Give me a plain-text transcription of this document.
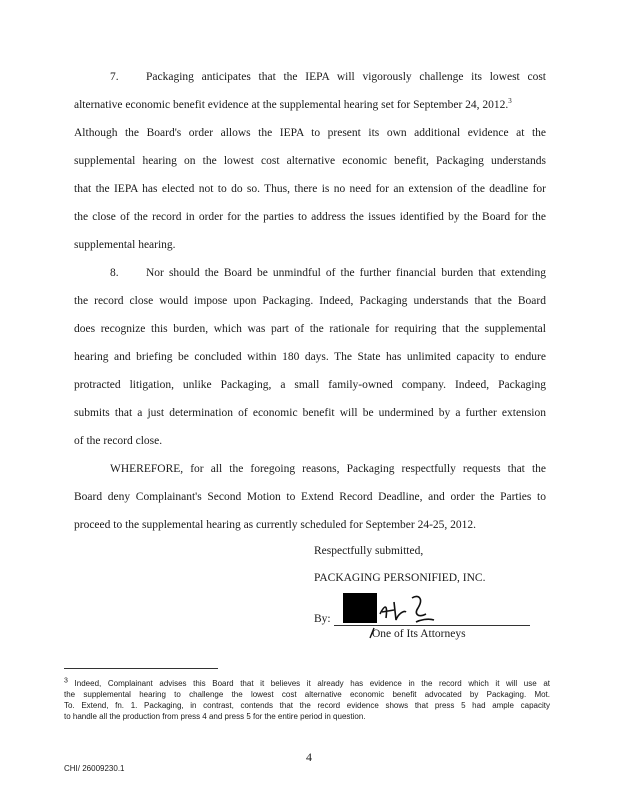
7. Packaging anticipates that the IEPA will vigorously challenge its lowest cost
alternative economic benefit evidence at the supplemental hearing set for September 24, 2012.$^3$
Although the Board's order allows the IEPA to present its own additional evidence at the
supplemental hearing on the lowest cost alternative economic benefit, Packaging understands
that the IEPA has elected not to do so. Thus, there is no need for an extension of the deadline for
the close of the record in order for the parties to address the issues identified by the Board for the
supplemental hearing.
8. Nor should the Board be unmindful of the further financial burden that extending
the record close would impose upon Packaging. Indeed, Packaging understands that the Board
does recognize this burden, which was part of the rationale for requiring that the supplemental
hearing and briefing be concluded within 180 days. The State has unlimited capacity to endure
protracted litigation, unlike Packaging, a small family-owned company. Indeed, Packaging
submits that a just determination of economic benefit will be undermined by a further extension
of the record close.
WHEREFORE, for all the foregoing reasons, Packaging respectfully requests that the
Board deny Complainant's Second Motion to Extend Record Deadline, and order the Parties to
proceed to the supplemental hearing as currently scheduled for September 24-25, 2012.
Respectfully submitted,
PACKAGING PERSONIFIED, INC.
By:
One of Its Attorneys
3 Indeed, Complainant advises this Board that it believes it already has evidence in the record which it will use at
the supplemental hearing to challenge the lowest cost alternative economic benefit advocated by Packaging. Mot.
To. Extend, fn. 1. Packaging, in contrast, contends that the record evidence shows that press 5 had ample capacity
to handle all the production from press 4 and press 5 for the entire period in question.
CHI/ 26009230.1
4
